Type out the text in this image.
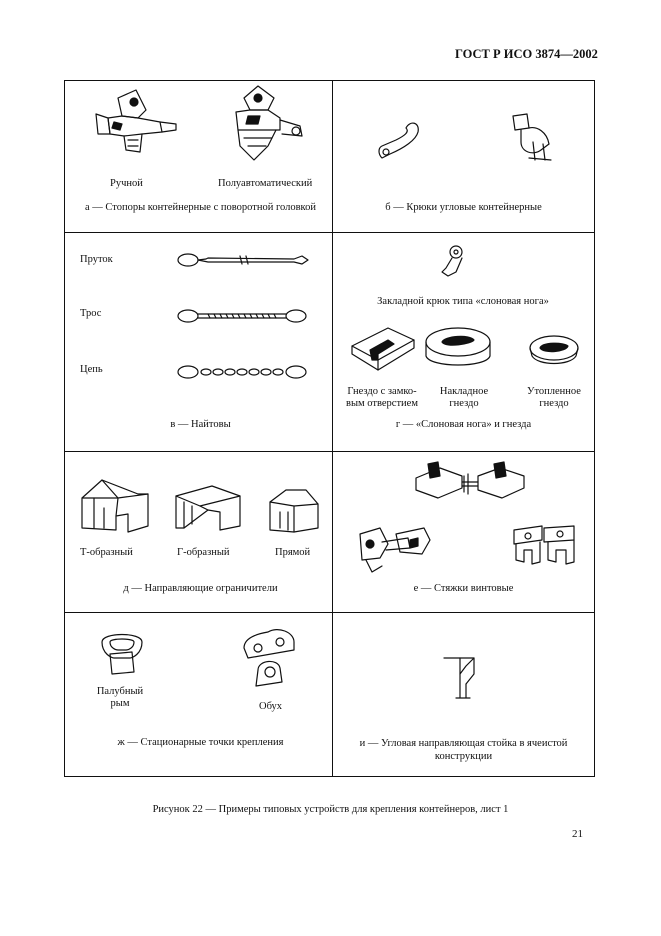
ГОСТ Р ИСО 3874—2002
Ручной	Полуавтоматический
а — Стопоры контейнерные с поворотной головкой	б — Крюки угловые контейнерные
Пруток
Трос
Цепь
в — Найтовы
Закладной крюк типа «слоновая нога»
Гнездо с замко-
вым отверстием
Накладное
гнездо
Утопленное
гнездо
г — «Слоновая нога» и гнезда
Т-образный	Г-образный	Прямой
д — Направляющие ограничители	е — Стяжки винтовые
Палубный
рым	Обух
ж — Стационарные точки крепления	и — Угловая направляющая стойка в ячеистой
конструкции
Рисунок 22 — Примеры типовых устройств для крепления контейнеров, лист 1
21
